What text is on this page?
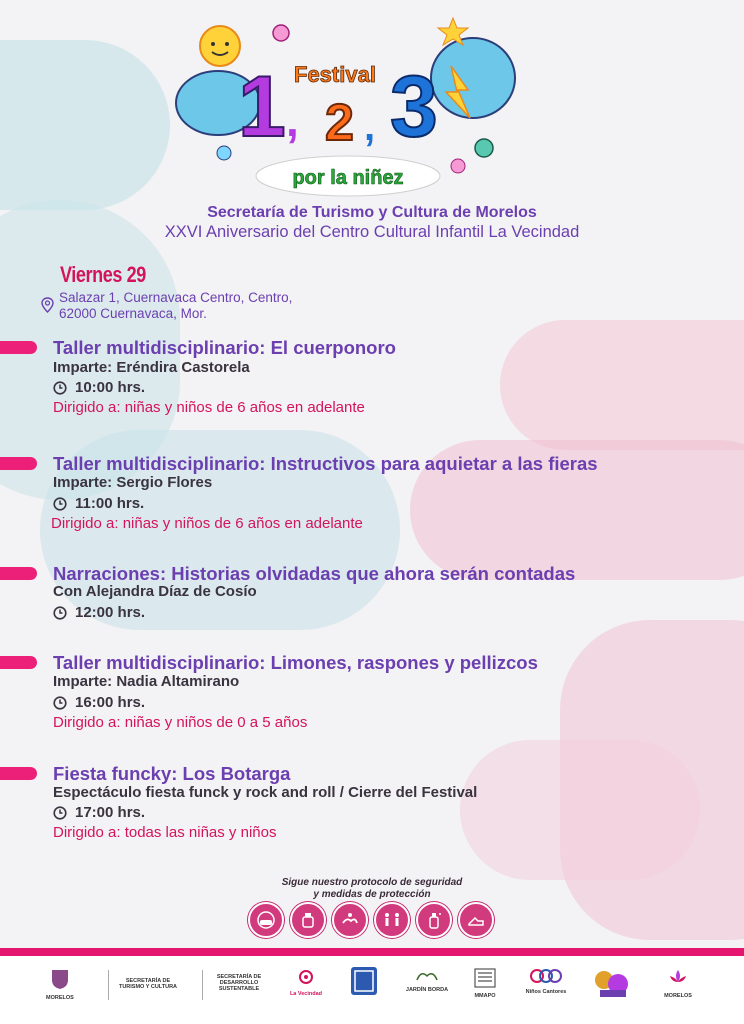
1 2 3
, ,
Festival
por la niñez
Secretaría de Turismo y Cultura de Morelos
XXVI Aniversario del Centro Cultural Infantil La Vecindad
Viernes 29
Salazar 1, Cuernavaca Centro, Centro,
62000 Cuernavaca, Mor.
Taller multidisciplinario: El cuerponoro
Imparte: Eréndira Castorela
10:00 hrs.
Dirigido a: niñas y niños de 6 años en adelante
Taller multidisciplinario: Instructivos para aquietar a las fieras
Imparte: Sergio Flores
11:00 hrs.
Dirigido a: niñas y niños de 6 años en adelante
Narraciones: Historias olvidadas que ahora serán contadas
Con Alejandra Díaz de Cosío
12:00 hrs.
Taller multidisciplinario: Limones, raspones y pellizcos
Imparte: Nadia Altamirano
16:00 hrs.
Dirigido a: niñas y niños de 0 a 5 años
Fiesta funcky: Los Botarga
Espectáculo fiesta funck y rock and roll / Cierre del Festival
17:00 hrs.
Dirigido a: todas las niñas y niños
Sigue nuestro protocolo de seguridad
y medidas de protección
MORELOS
SECRETARÍA DE TURISMO Y CULTURA
SECRETARÍA DE DESARROLLO SUSTENTABLE
La Vecindad
JARDÍN BORDA
MMAPO
Niños Cantores
MORELOS
